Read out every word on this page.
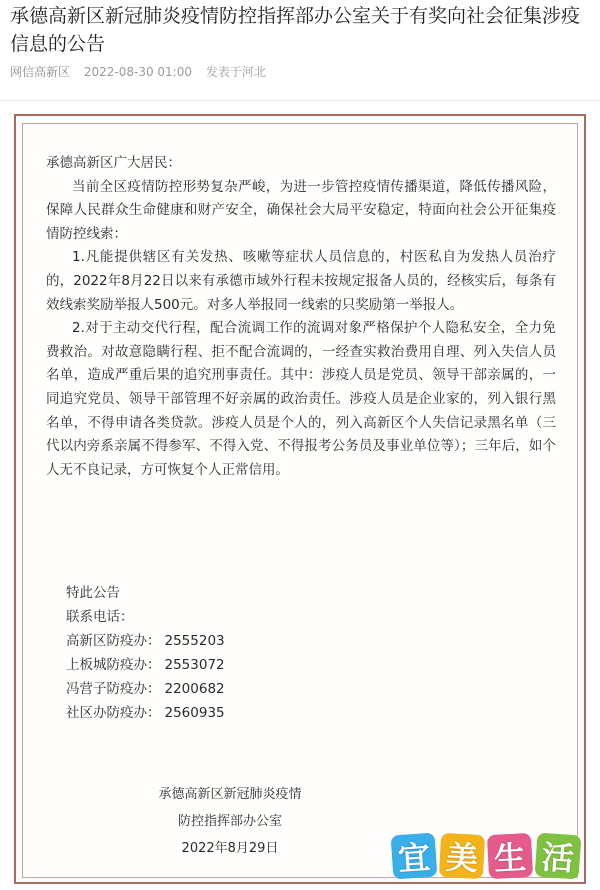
承德高新区新冠肺炎疫情防控指挥部办公室关于有奖向社会征集涉疫信息的公告
网信高新区 2022-08-30 01:00 发表于河北

承德高新区广大居民：

当前全区疫情防控形势复杂严峻，为进一步管控疫情传播渠道，降低传播风险，保障人民群众生命健康和财产安全，确保社会大局平安稳定，特面向社会公开征集疫情防控线索：

1.凡能提供辖区有关发热、咳嗽等症状人员信息的，村医私自为发热人员治疗的，2022年8月22日以来有承德市域外行程未按规定报备人员的，经核实后，每条有效线索奖励举报人500元。对多人举报同一线索的只奖励第一举报人。

2.对于主动交代行程，配合流调工作的流调对象严格保护个人隐私安全，全力免费救治。对故意隐瞒行程、拒不配合流调的，一经查实救治费用自理、列入失信人员名单，造成严重后果的追究刑事责任。其中：涉疫人员是党员、领导干部亲属的，一同追究党员、领导干部管理不好亲属的政治责任。涉疫人员是企业家的，列入银行黑名单，不得申请各类贷款。涉疫人员是个人的，列入高新区个人失信记录黑名单（三代以内旁系亲属不得参军、不得入党、不得报考公务员及事业单位等）；三年后，如个人无不良记录，方可恢复个人正常信用。

特此公告
联系电话：
高新区防疫办： 2555203
上板城防疫办： 2553072
冯营子防疫办： 2200682
社区办防疫办： 2560935
承德高新区新冠肺炎疫情
防控指挥部办公室
2022年8月29日	宜 美 生 活
